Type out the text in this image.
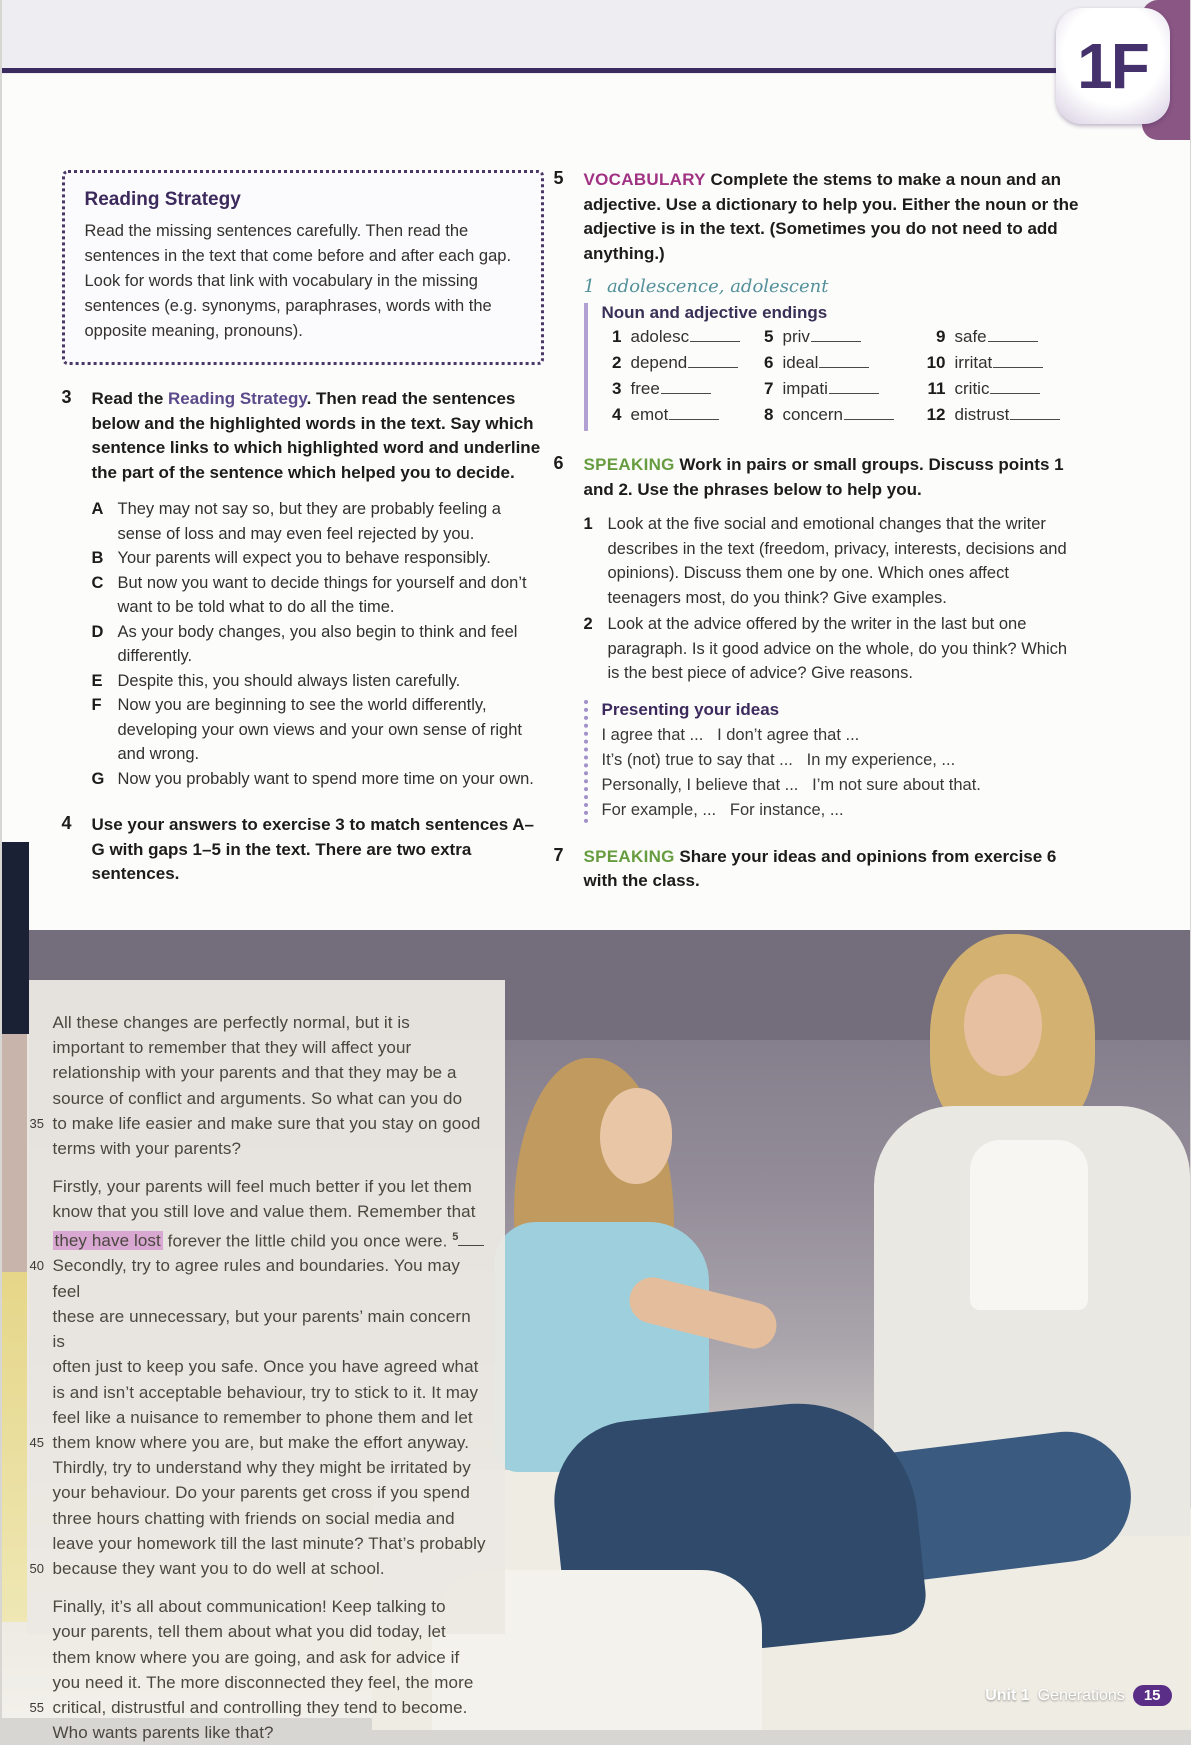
1F
Reading Strategy
Read the missing sentences carefully. Then read the sentences in the text that come before and after each gap. Look for words that link with vocabulary in the missing sentences (e.g. synonyms, paraphrases, words with the opposite meaning, pronouns).
3	Read the Reading Strategy. Then read the sentences below and the highlighted words in the text. Say which sentence links to which highlighted word and underline the part of the sentence which helped you to decide.

A They may not say so, but they are probably feeling a sense of loss and may even feel rejected by you.
B Your parents will expect you to behave responsibly.
C But now you want to decide things for yourself and don’t want to be told what to do all the time.
D As your body changes, you also begin to think and feel differently.
E Despite this, you should always listen carefully.
F Now you are beginning to see the world differently, developing your own views and your own sense of right and wrong.
G Now you probably want to spend more time on your own.
4	Use your answers to exercise 3 to match sentences A–G with gaps 1–5 in the text. There are two extra sentences.

5	VOCABULARY Complete the stems to make a noun and an adjective. Use a dictionary to help you. Either the noun or the adjective is in the text. (Sometimes you do not need to add anything.)

1 adolescence, adolescent
Noun and adjective endings
1 adolesc
2 depend
3 free
4 emot
5 priv
6 ideal
7 impati
8 concern
9 safe
10 irritat
11 critic
12 distrust
6	SPEAKING Work in pairs or small groups. Discuss points 1 and 2. Use the phrases below to help you.

1 Look at the five social and emotional changes that the writer describes in the text (freedom, privacy, interests, decisions and opinions). Discuss them one by one. Which ones affect teenagers most, do you think? Give examples.
2 Look at the advice offered by the writer in the last but one paragraph. Is it good advice on the whole, do you think? Which is the best piece of advice? Give reasons.
Presenting your ideas
I agree that ...   I don’t agree that ...
It’s (not) true to say that ...   In my experience, ...
Personally, I believe that ...   I’m not sure about that.
For example, ...   For instance, ...
7	SPEAKING Share your ideas and opinions from exercise 6 with the class.

All these changes are perfectly normal, but it is
important to remember that they will affect your
relationship with your parents and that they may be a
source of conflict and arguments. So what can you do
35 to make life easier and make sure that you stay on good
terms with your parents?
Firstly, your parents will feel much better if you let them
know that you still love and value them. Remember that
they have lost forever the little child you once were. $^5$
40 Secondly, try to agree rules and boundaries. You may feel
these are unnecessary, but your parents’ main concern is
often just to keep you safe. Once you have agreed what
is and isn’t acceptable behaviour, try to stick to it. It may
feel like a nuisance to remember to phone them and let
45 them know where you are, but make the effort anyway.
Thirdly, try to understand why they might be irritated by
your behaviour. Do your parents get cross if you spend
three hours chatting with friends on social media and
leave your homework till the last minute? That’s probably
50 because they want you to do well at school.
Finally, it’s all about communication! Keep talking to
your parents, tell them about what you did today, let
them know where you are going, and ask for advice if
you need it. The more disconnected they feel, the more
55 critical, distrustful and controlling they tend to become.
Who wants parents like that?
Unit 1 Generations	15
